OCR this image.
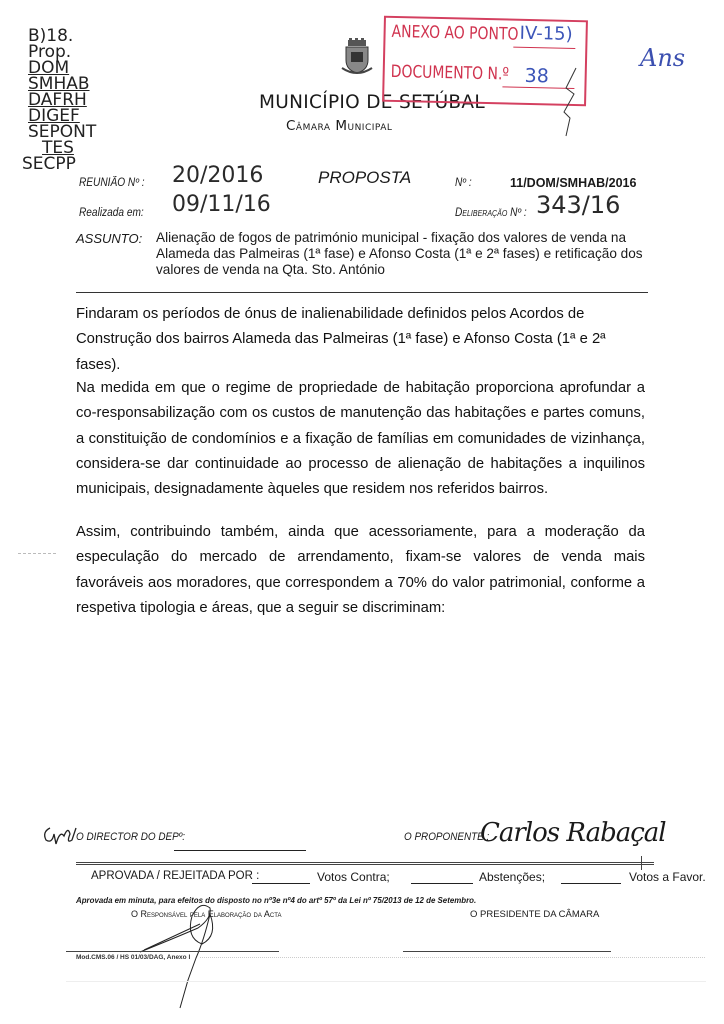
B)18.
Prop.
DOM
SMHAB
DAFRH
DIGEF
SEPONT
TES
SECPP
MUNICÍPIO DE SETÚBAL
Câmara Municipal
ANEXO AO PONTO IV-15)
DOCUMENTO N.º 38
Ans
REUNIÃO Nº : 20/2016
Realizada em: 09/11/16
PROPOSTA	Nº :	11/DOM/SMHAB/2016
Deliberação Nº : 343/16
ASSUNTO: Alienação de fogos de património municipal - fixação dos valores de venda na Alameda das Palmeiras (1ª fase) e Afonso Costa (1ª e 2ª fases) e retificação dos valores de venda na Qta. Sto. António
Findaram os períodos de ónus de inalienabilidade definidos pelos Acordos de Construção dos bairros Alameda das Palmeiras (1ª fase) e Afonso Costa (1ª e 2ª fases).
Na medida em que o regime de propriedade de habitação proporciona aprofundar a co-responsabilização com os custos de manutenção das habitações e partes comuns, a constituição de condomínios e a fixação de famílias em comunidades de vizinhança, considera-se dar continuidade ao processo de alienação de habitações a inquilinos municipais, designadamente àqueles que residem nos referidos bairros.
Assim, contribuindo também, ainda que acessoriamente, para a moderação da especulação do mercado de arrendamento, fixam-se valores de venda mais favoráveis aos moradores, que correspondem a 70% do valor patrimonial, conforme a respetiva tipologia e áreas, que a seguir se discriminam:
O DIRECTOR DO DEPº:	O PROPONENTE :
Carlos Rabaçal
APROVADA / REJEITADA POR :	Votos Contra;	Abstenções;	Votos a Favor.
Aprovada em minuta, para efeitos do disposto no nº3e nº4 do artº 57º da Lei nº 75/2013 de 12 de Setembro.
O Responsável pela Elaboração da Acta	O PRESIDENTE DA CÂMARA
Mod.CMS.06 / HS 01/03/DAG, Anexo I
